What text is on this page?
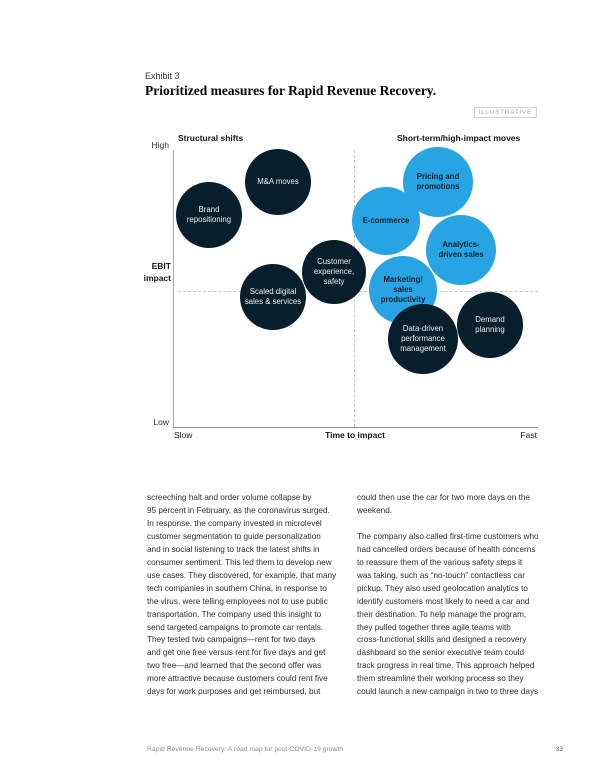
Exhibit 3
Prioritized measures for Rapid Revenue Recovery.
ILLUSTRATIVE
Structural shifts	Short-term/high-impact moves
High
Low
EBIT
impact
Brand
repositioning
M&A moves
Pricing and
promotions
E-commerce
Analytics-
driven sales
Scaled digital
sales & services
Customer
experience,
safety	Marketing/
sales
productivity
Demand
planning
Data-driven
performance
management
Slow	Time to impact	Fast
screeching halt and order volume collapse by
95 percent in February, as the coronavirus surged.
In response, the company invested in microlevel
customer segmentation to guide personalization
and in social listening to track the latest shifts in
consumer sentiment. This led them to develop new
use cases. They discovered, for example, that many
tech companies in southern China, in response to
the virus, were telling employees not to use public
transportation. The company used this insight to
send targeted campaigns to promote car rentals.
They tested two campaigns—rent for two days
and get one free versus rent for five days and get
two free—and learned that the second offer was
more attractive because customers could rent five
days for work purposes and get reimbursed, but
could then use the car for two more days on the
weekend.

The company also called first-time customers who
had cancelled orders because of health concerns
to reassure them of the various safety steps it
was taking, such as “no-touch” contactless car
pickup. They also used geolocation analytics to
identify customers most likely to need a car and
their destination. To help manage the program,
they pulled together three agile teams with
cross-functional skills and designed a recovery
dashboard so the senior executive team could
track progress in real time. This approach helped
them streamline their working process so they
could launch a new campaign in two to three days
Rapid Revenue Recovery: A road map for post-COVID-19 growth	33
